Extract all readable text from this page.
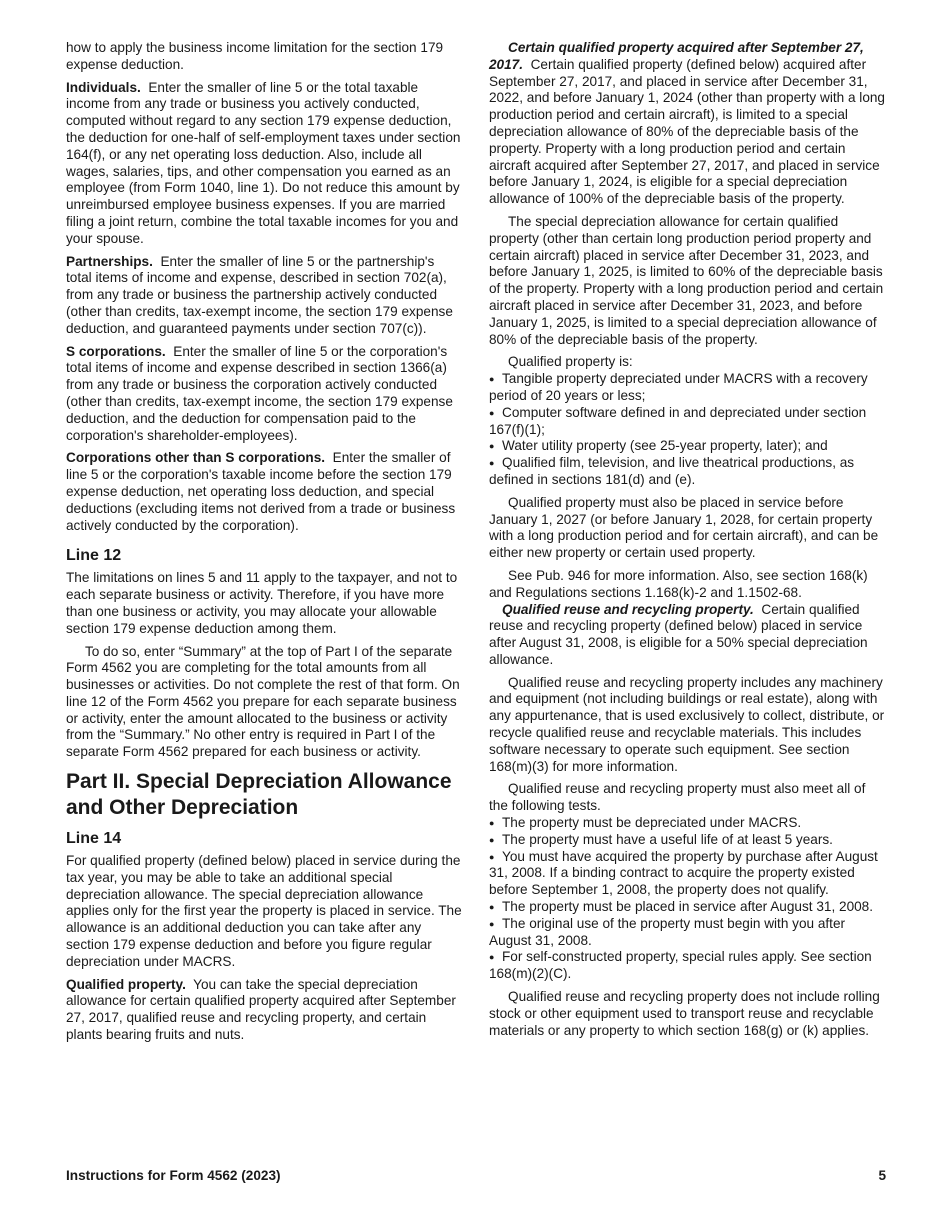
how to apply the business income limitation for the section 179 expense deduction.

Individuals. Enter the smaller of line 5 or the total taxable income from any trade or business you actively conducted, computed without regard to any section 179 expense deduction, the deduction for one-half of self-employment taxes under section 164(f), or any net operating loss deduction. Also, include all wages, salaries, tips, and other compensation you earned as an employee (from Form 1040, line 1). Do not reduce this amount by unreimbursed employee business expenses. If you are married filing a joint return, combine the total taxable incomes for you and your spouse.

Partnerships. Enter the smaller of line 5 or the partnership's total items of income and expense, described in section 702(a), from any trade or business the partnership actively conducted (other than credits, tax-exempt income, the section 179 expense deduction, and guaranteed payments under section 707(c)).

S corporations. Enter the smaller of line 5 or the corporation's total items of income and expense described in section 1366(a) from any trade or business the corporation actively conducted (other than credits, tax-exempt income, the section 179 expense deduction, and the deduction for compensation paid to the corporation's shareholder-employees).

Corporations other than S corporations. Enter the smaller of line 5 or the corporation's taxable income before the section 179 expense deduction, net operating loss deduction, and special deductions (excluding items not derived from a trade or business actively conducted by the corporation).

Line 12

The limitations on lines 5 and 11 apply to the taxpayer, and not to each separate business or activity. Therefore, if you have more than one business or activity, you may allocate your allowable section 179 expense deduction among them.

To do so, enter “Summary” at the top of Part I of the separate Form 4562 you are completing for the total amounts from all businesses or activities. Do not complete the rest of that form. On line 12 of the Form 4562 you prepare for each separate business or activity, enter the amount allocated to the business or activity from the “Summary.” No other entry is required in Part I of the separate Form 4562 prepared for each business or activity.

Part II. Special Depreciation Allowance and Other Depreciation
Line 14

For qualified property (defined below) placed in service during the tax year, you may be able to take an additional special depreciation allowance. The special depreciation allowance applies only for the first year the property is placed in service. The allowance is an additional deduction you can take after any section 179 expense deduction and before you figure regular depreciation under MACRS.

Qualified property. You can take the special depreciation allowance for certain qualified property acquired after September 27, 2017, qualified reuse and recycling property, and certain plants bearing fruits and nuts.

Certain qualified property acquired after September 27, 2017. Certain qualified property (defined below) acquired after September 27, 2017, and placed in service after December 31, 2022, and before January 1, 2024 (other than property with a long production period and certain aircraft), is limited to a special depreciation allowance of 80% of the depreciable basis of the property. Property with a long production period and certain aircraft acquired after September 27, 2017, and placed in service before January 1, 2024, is eligible for a special depreciation allowance of 100% of the depreciable basis of the property.

The special depreciation allowance for certain qualified property (other than certain long production period property and certain aircraft) placed in service after December 31, 2023, and before January 1, 2025, is limited to 60% of the depreciable basis of the property. Property with a long production period and certain aircraft placed in service after December 31, 2023, and before January 1, 2025, is limited to a special depreciation allowance of 80% of the depreciable basis of the property.

Qualified property is:

● Tangible property depreciated under MACRS with a recovery period of 20 years or less;
● Computer software defined in and depreciated under section 167(f)(1);
● Water utility property (see 25-year property, later); and
● Qualified film, television, and live theatrical productions, as defined in sections 181(d) and (e).

Qualified property must also be placed in service before January 1, 2027 (or before January 1, 2028, for certain property with a long production period and for certain aircraft), and can be either new property or certain used property.

See Pub. 946 for more information. Also, see section 168(k) and Regulations sections 1.168(k)-2 and 1.1502-68.

Qualified reuse and recycling property. Certain qualified reuse and recycling property (defined below) placed in service after August 31, 2008, is eligible for a 50% special depreciation allowance.

Qualified reuse and recycling property includes any machinery and equipment (not including buildings or real estate), along with any appurtenance, that is used exclusively to collect, distribute, or recycle qualified reuse and recyclable materials. This includes software necessary to operate such equipment. See section 168(m)(3) for more information.

Qualified reuse and recycling property must also meet all of the following tests.

● The property must be depreciated under MACRS.
● The property must have a useful life of at least 5 years.
● You must have acquired the property by purchase after August 31, 2008. If a binding contract to acquire the property existed before September 1, 2008, the property does not qualify.
● The property must be placed in service after August 31, 2008.
● The original use of the property must begin with you after August 31, 2008.
● For self-constructed property, special rules apply. See section 168(m)(2)(C).

Qualified reuse and recycling property does not include rolling stock or other equipment used to transport reuse and recyclable materials or any property to which section 168(g) or (k) applies.

Instructions for Form 4562 (2023)	5
